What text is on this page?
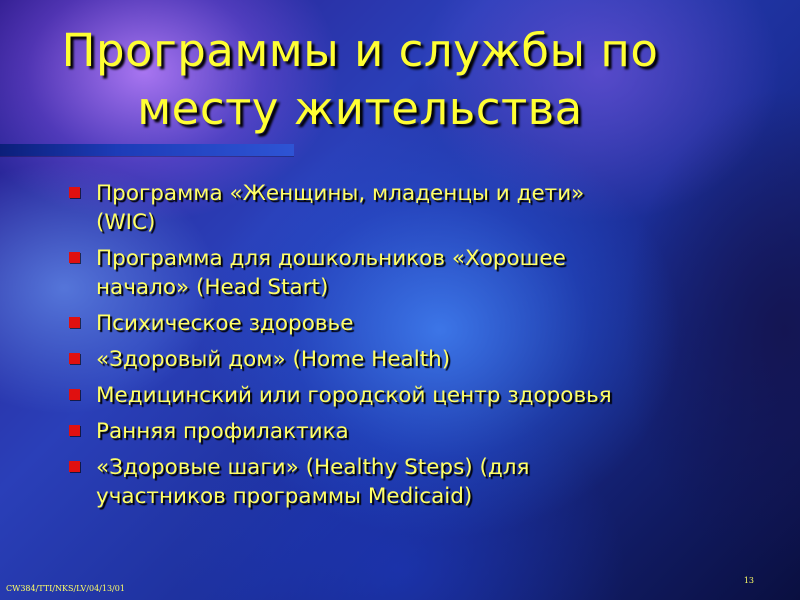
Программы и службы по
месту жительства
Программа «Женщины, младенцы и дети»
(WIC)
Программа для дошкольников «Хорошее
начало» (Head Start)
Психическое здоровье
«Здоровый дом» (Home Health)
Медицинский или городской центр здоровья
Ранняя профилактика
«Здоровые шаги» (Healthy Steps) (для
участников программы Medicaid)
CW384/TTI/NKS/LV/04/13/01
13
